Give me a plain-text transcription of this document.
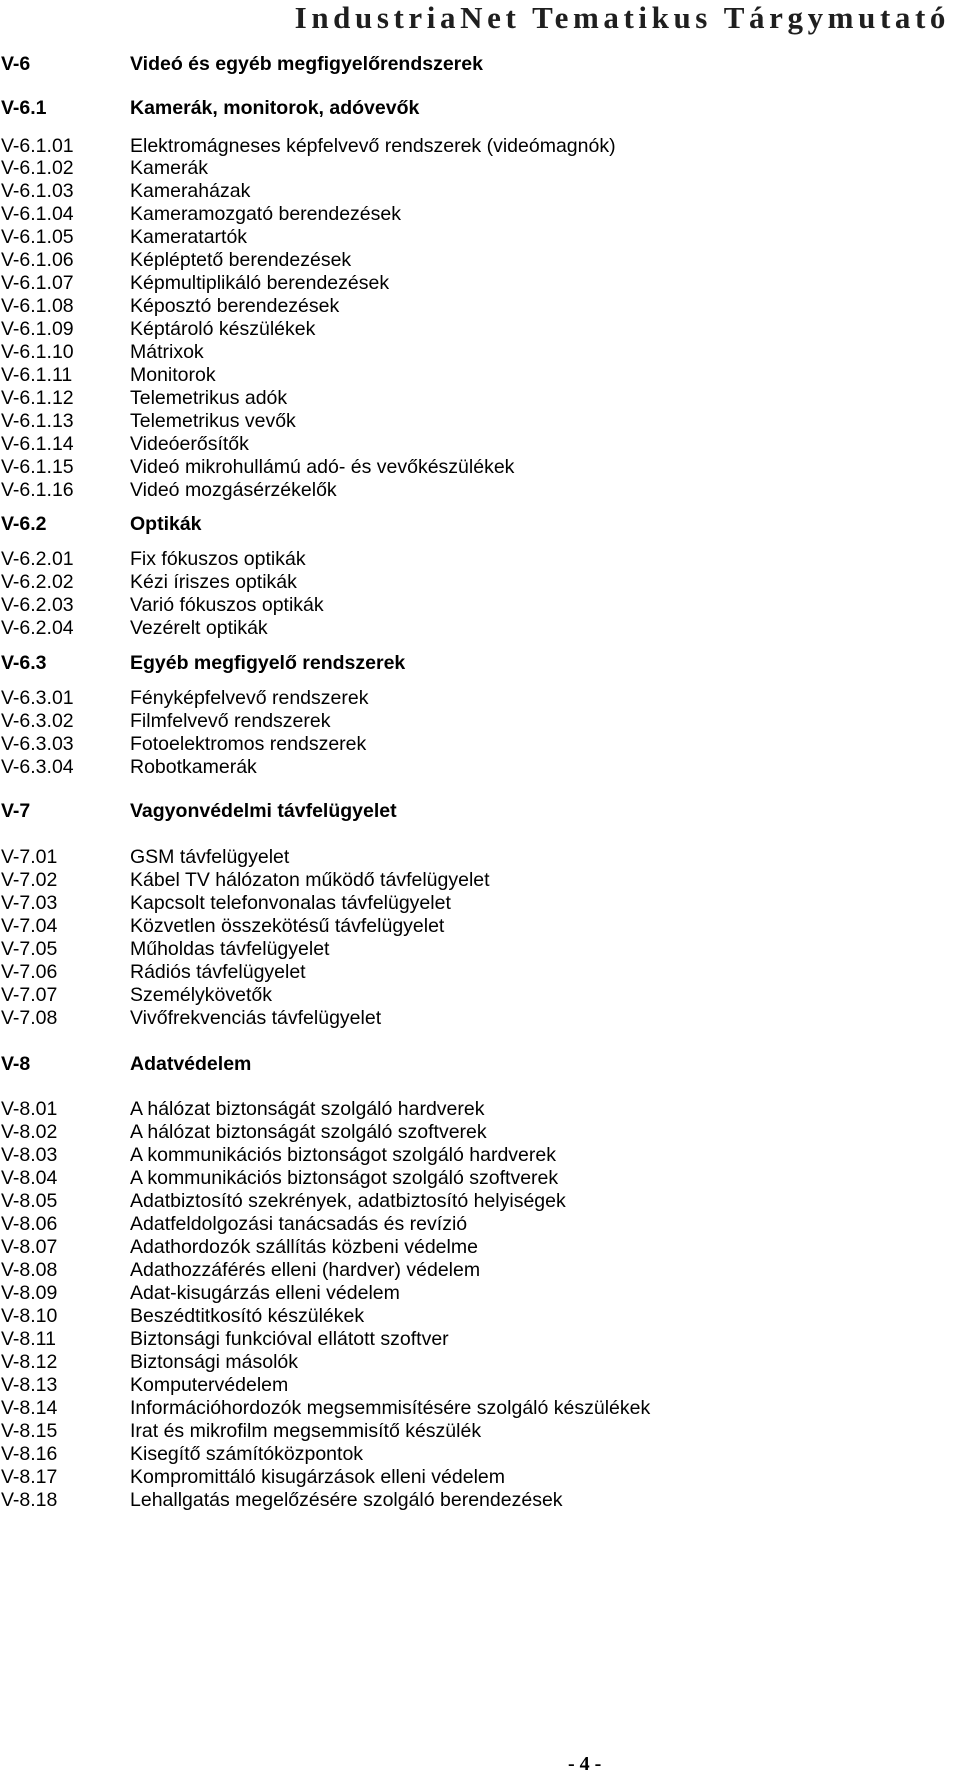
IndustriaNet Tematikus Tárgymutató
V-6	Videó és egyéb megfigyelőrendszerek
V-6.1	Kamerák, monitorok, adóvevők
V-6.1.01	Elektromágneses képfelvevő rendszerek (videómagnók)
V-6.1.02	Kamerák
V-6.1.03	Kameraházak
V-6.1.04	Kameramozgató berendezések
V-6.1.05	Kameratartók
V-6.1.06	Képléptető berendezések
V-6.1.07	Képmultiplikáló berendezések
V-6.1.08	Képosztó berendezések
V-6.1.09	Képtároló készülékek
V-6.1.10	Mátrixok
V-6.1.11	Monitorok
V-6.1.12	Telemetrikus adók
V-6.1.13	Telemetrikus vevők
V-6.1.14	Videóerősítők
V-6.1.15	Videó mikrohullámú adó- és vevőkészülékek
V-6.1.16	Videó mozgásérzékelők
V-6.2	Optikák
V-6.2.01	Fix fókuszos optikák
V-6.2.02	Kézi íriszes optikák
V-6.2.03	Varió fókuszos optikák
V-6.2.04	Vezérelt optikák
V-6.3	Egyéb megfigyelő rendszerek
V-6.3.01	Fényképfelvevő rendszerek
V-6.3.02	Filmfelvevő rendszerek
V-6.3.03	Fotoelektromos rendszerek
V-6.3.04	Robotkamerák
V-7	Vagyonvédelmi távfelügyelet
V-7.01	GSM távfelügyelet
V-7.02	Kábel TV hálózaton működő távfelügyelet
V-7.03	Kapcsolt telefonvonalas távfelügyelet
V-7.04	Közvetlen összekötésű távfelügyelet
V-7.05	Műholdas távfelügyelet
V-7.06	Rádiós távfelügyelet
V-7.07	Személykövetők
V-7.08	Vivőfrekvenciás távfelügyelet
V-8	Adatvédelem
V-8.01	A hálózat biztonságát szolgáló hardverek
V-8.02	A hálózat biztonságát szolgáló szoftverek
V-8.03	A kommunikációs biztonságot szolgáló hardverek
V-8.04	A kommunikációs biztonságot szolgáló szoftverek
V-8.05	Adatbiztosító szekrények, adatbiztosító helyiségek
V-8.06	Adatfeldolgozási tanácsadás és revízió
V-8.07	Adathordozók szállítás közbeni védelme
V-8.08	Adathozzáférés elleni (hardver) védelem
V-8.09	Adat-kisugárzás elleni védelem
V-8.10	Beszédtitkosító készülékek
V-8.11	Biztonsági funkcióval ellátott szoftver
V-8.12	Biztonsági másolók
V-8.13	Komputervédelem
V-8.14	Információhordozók megsemmisítésére szolgáló készülékek
V-8.15	Irat és mikrofilm megsemmisítő készülék
V-8.16	Kisegítő számítóközpontok
V-8.17	Kompromittáló kisugárzások elleni védelem
V-8.18	Lehallgatás megelőzésére szolgáló berendezések
- 4 -
